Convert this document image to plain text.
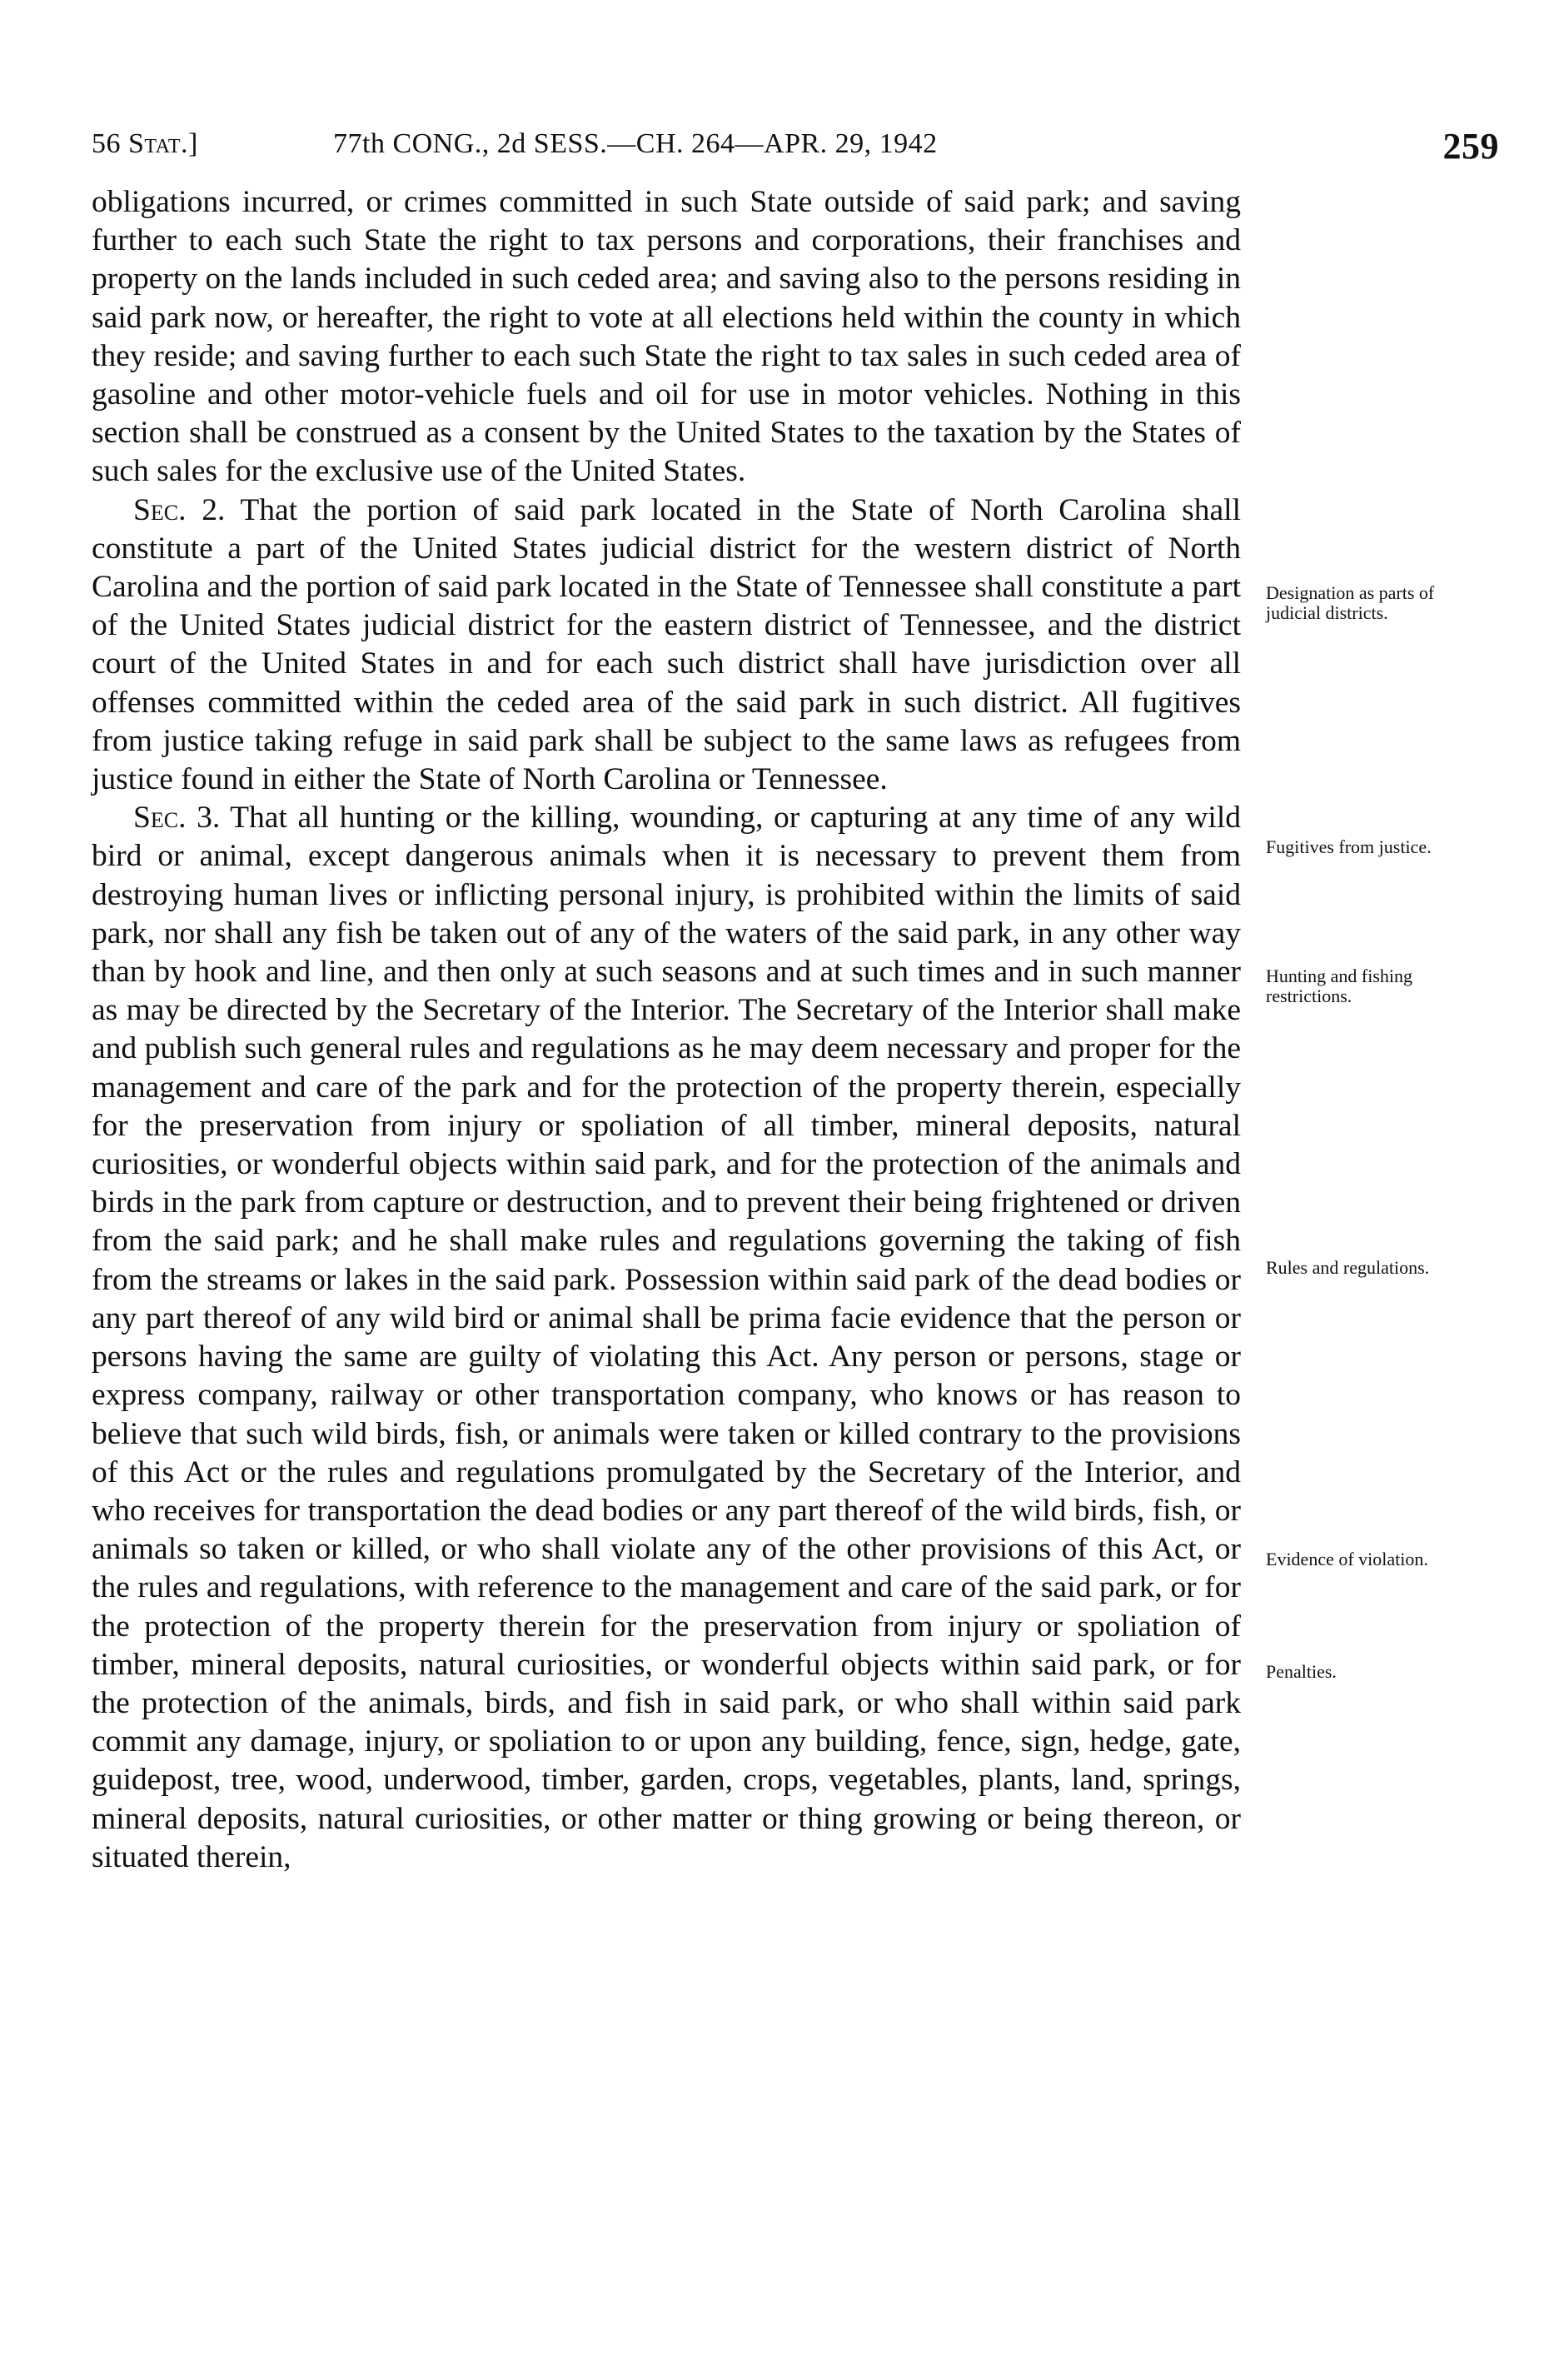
56 Stat.]	77th CONG., 2d SESS.—CH. 264—APR. 29, 1942	259

obligations incurred, or crimes committed in such State outside of said park; and saving further to each such State the right to tax persons and corporations, their franchises and property on the lands included in such ceded area; and saving also to the persons residing in said park now, or hereafter, the right to vote at all elections held within the county in which they reside; and saving further to each such State the right to tax sales in such ceded area of gasoline and other motor-vehicle fuels and oil for use in motor vehicles. Nothing in this section shall be construed as a consent by the United States to the taxation by the States of such sales for the exclusive use of the United States.

Sec. 2. That the portion of said park located in the State of North Carolina shall constitute a part of the United States judicial district for the western district of North Carolina and the portion of said park located in the State of Tennessee shall constitute a part of the United States judicial district for the eastern district of Tennessee, and the district court of the United States in and for each such district shall have jurisdiction over all offenses committed within the ceded area of the said park in such district. All fugitives from justice taking refuge in said park shall be subject to the same laws as refugees from justice found in either the State of North Carolina or Tennessee.

Sec. 3. That all hunting or the killing, wounding, or capturing at any time of any wild bird or animal, except dangerous animals when it is necessary to prevent them from destroying human lives or inflicting personal injury, is prohibited within the limits of said park, nor shall any fish be taken out of any of the waters of the said park, in any other way than by hook and line, and then only at such seasons and at such times and in such manner as may be directed by the Secretary of the Interior. The Secretary of the Interior shall make and publish such general rules and regulations as he may deem necessary and proper for the management and care of the park and for the protection of the property therein, especially for the preservation from injury or spoliation of all timber, mineral deposits, natural curiosities, or wonderful objects within said park, and for the protection of the animals and birds in the park from capture or destruction, and to prevent their being frightened or driven from the said park; and he shall make rules and regulations governing the taking of fish from the streams or lakes in the said park. Possession within said park of the dead bodies or any part thereof of any wild bird or animal shall be prima facie evidence that the person or persons having the same are guilty of violating this Act. Any person or persons, stage or express company, railway or other transportation company, who knows or has reason to believe that such wild birds, fish, or animals were taken or killed contrary to the provisions of this Act or the rules and regulations promulgated by the Secretary of the Interior, and who receives for transportation the dead bodies or any part thereof of the wild birds, fish, or animals so taken or killed, or who shall violate any of the other provisions of this Act, or the rules and regulations, with reference to the management and care of the said park, or for the protection of the property therein for the preservation from injury or spoliation of timber, mineral deposits, natural curiosities, or wonderful objects within said park, or for the protection of the animals, birds, and fish in said park, or who shall within said park commit any damage, injury, or spoliation to or upon any building, fence, sign, hedge, gate, guidepost, tree, wood, underwood, timber, garden, crops, vegetables, plants, land, springs, mineral deposits, natural curiosities, or other matter or thing growing or being thereon, or situated therein,

Designation as parts of judicial districts.
Fugitives from justice.
Hunting and fishing restrictions.
Rules and regulations.
Evidence of violation.
Penalties.
